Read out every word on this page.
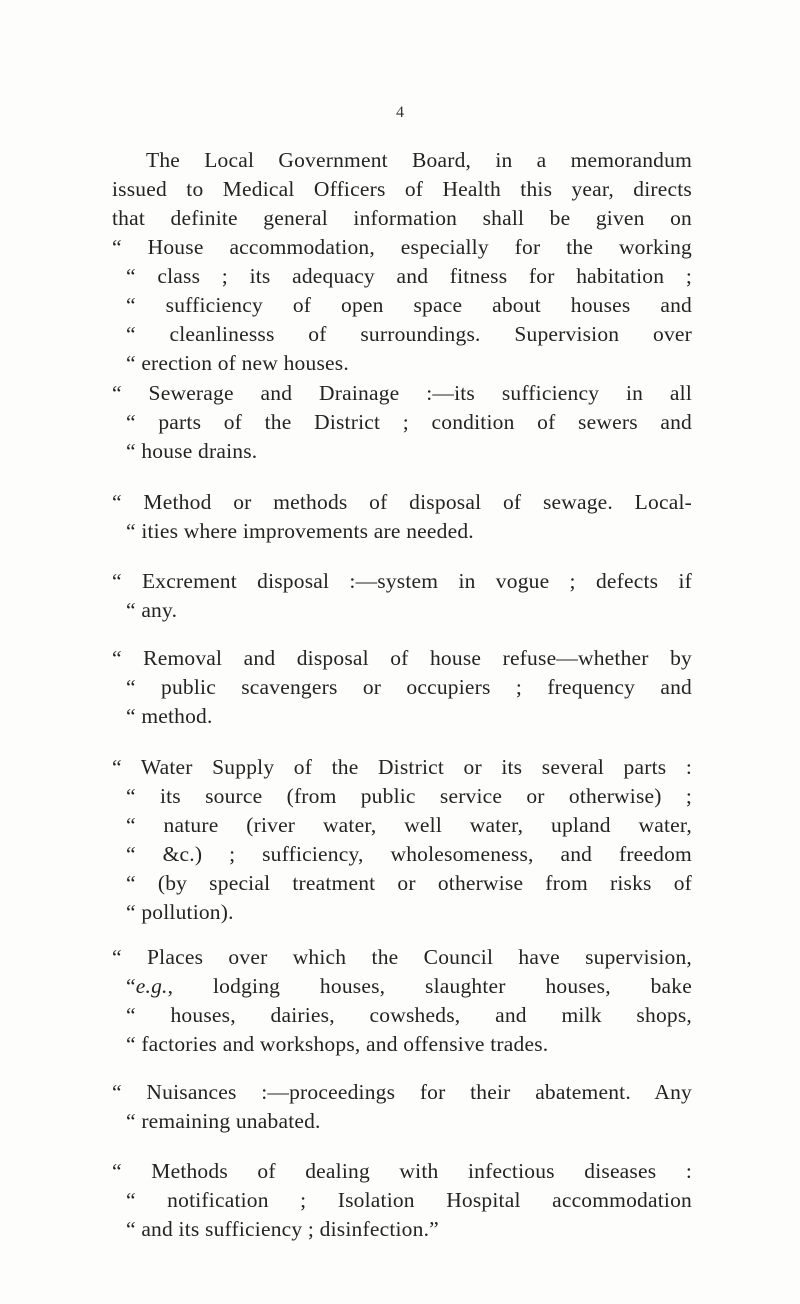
4

The Local Government Board, in a memorandum
issued to Medical Officers of Health this year, directs
that definite general information shall be given on
“ House accommodation, especially for the working
“ class ; its adequacy and fitness for habitation ;
“ sufficiency of open space about houses and
“ cleanlinesss of surroundings. Supervision over
“ erection of new houses.

“ Sewerage and Drainage :—its sufficiency in all
“ parts of the District ; condition of sewers and
“ house drains.

“ Method or methods of disposal of sewage. Local-
“ ities where improvements are needed.

“ Excrement disposal :—system in vogue ; defects if
“ any.

“ Removal and disposal of house refuse—whether by
“ public scavengers or occupiers ; frequency and
“ method.

“ Water Supply of the District or its several parts :
“ its source (from public service or otherwise) ;
“ nature (river water, well water, upland water,
“ &c.) ; sufficiency, wholesomeness, and freedom
“ (by special treatment or otherwise from risks of
“ pollution).

“ Places over which the Council have supervision,
“e.g., lodging houses, slaughter houses, bake
“ houses, dairies, cowsheds, and milk shops,
“ factories and workshops, and offensive trades.

“ Nuisances :—proceedings for their abatement. Any
“ remaining unabated.

“ Methods of dealing with infectious diseases :
“ notification ; Isolation Hospital accommodation
“ and its sufficiency ; disinfection.”
